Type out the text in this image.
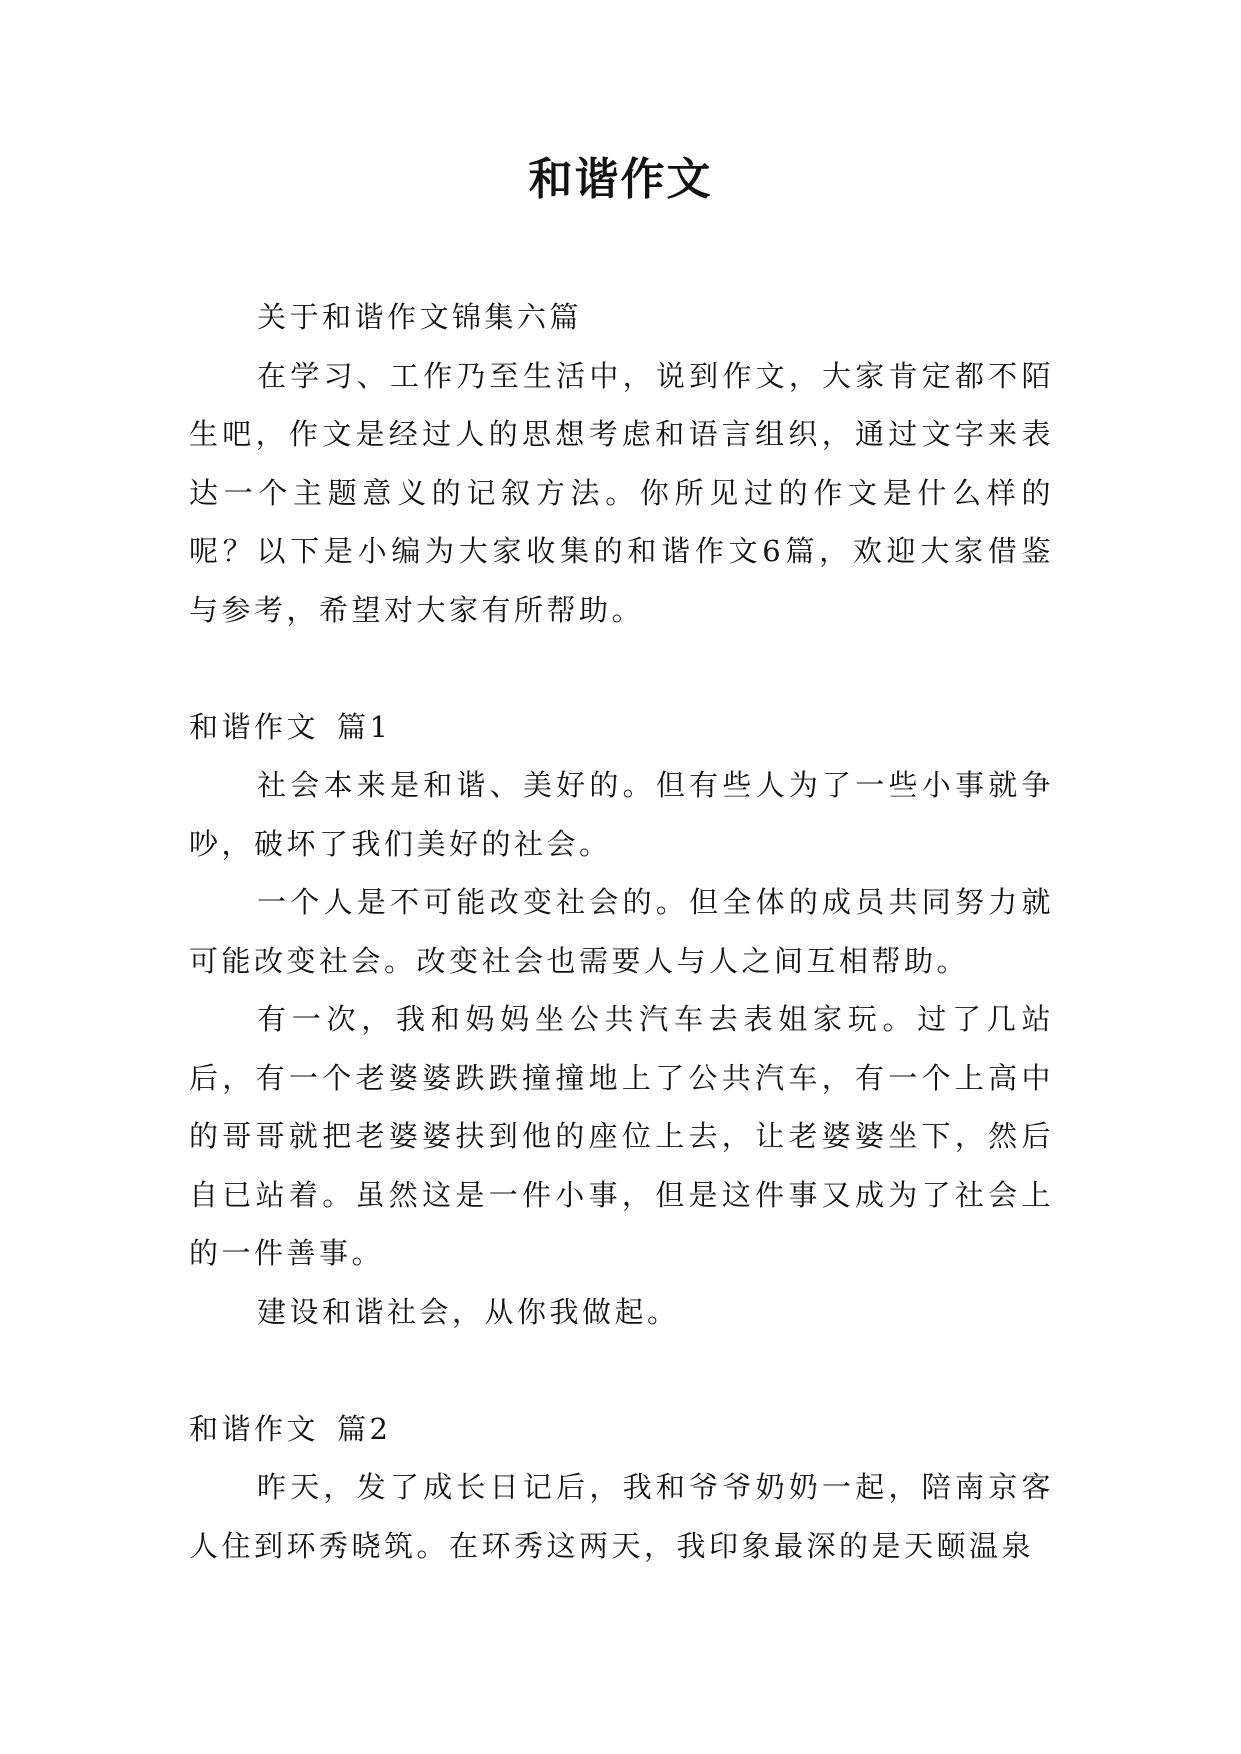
和谐作文

关于和谐作文锦集六篇

在学习、工作乃至生活中，说到作文，大家肯定都不陌生吧，作文是经过人的思想考虑和语言组织，通过文字来表达一个主题意义的记叙方法。你所见过的作文是什么样的呢？以下是小编为大家收集的和谐作文6篇，欢迎大家借鉴与参考，希望对大家有所帮助。

和谐作文 篇1

社会本来是和谐、美好的。但有些人为了一些小事就争吵，破坏了我们美好的社会。

一个人是不可能改变社会的。但全体的成员共同努力就可能改变社会。改变社会也需要人与人之间互相帮助。

有一次，我和妈妈坐公共汽车去表姐家玩。过了几站后，有一个老婆婆跌跌撞撞地上了公共汽车，有一个上高中的哥哥就把老婆婆扶到他的座位上去，让老婆婆坐下，然后自已站着。虽然这是一件小事，但是这件事又成为了社会上的一件善事。

建设和谐社会，从你我做起。

和谐作文 篇2

昨天，发了成长日记后，我和爷爷奶奶一起，陪南京客人住到环秀晓筑。在环秀这两天，我印象最深的是天颐温泉
